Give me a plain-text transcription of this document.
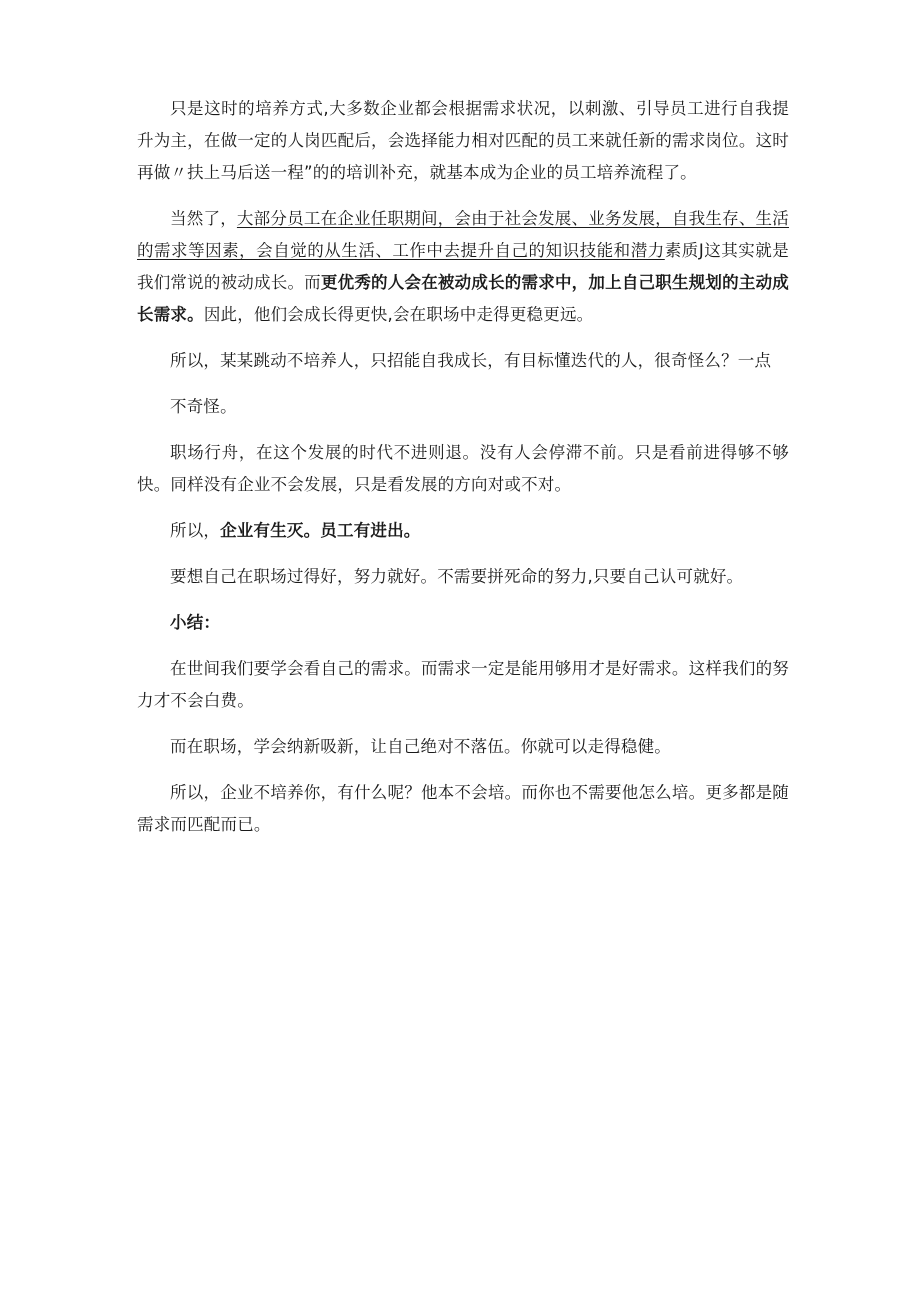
只是这时的培养方式,大多数企业都会根据需求状况，以刺激、引导员工进行自我提升为主，在做一定的人岗匹配后，会选择能力相对匹配的员工来就任新的需求岗位。这时再做〃扶上马后送一程”的的培训补充，就基本成为企业的员工培养流程了。

当然了，大部分员工在企业任职期间，会由于社会发展、业务发展，自我生存、生活的需求等因素，会自觉的从生活、工作中去提升自己的知识技能和潜力素质J这其实就是我们常说的被动成长。而更优秀的人会在被动成长的需求中，加上自己职生规划的主动成长需求。因此，他们会成长得更快,会在职场中走得更稳更远。

所以，某某跳动不培养人，只招能自我成长，有目标懂迭代的人，很奇怪么？一点
不奇怪。

职场行舟，在这个发展的时代不进则退。没有人会停滞不前。只是看前进得够不够快。同样没有企业不会发展，只是看发展的方向对或不对。

所以，企业有生灭。员工有进出。

要想自己在职场过得好，努力就好。不需要拼死命的努力,只要自己认可就好。

小结：

在世间我们要学会看自己的需求。而需求一定是能用够用才是好需求。这样我们的努力才不会白费。

而在职场，学会纳新吸新，让自己绝对不落伍。你就可以走得稳健。

所以，企业不培养你，有什么呢？他本不会培。而你也不需要他怎么培。更多都是随需求而匹配而已。
